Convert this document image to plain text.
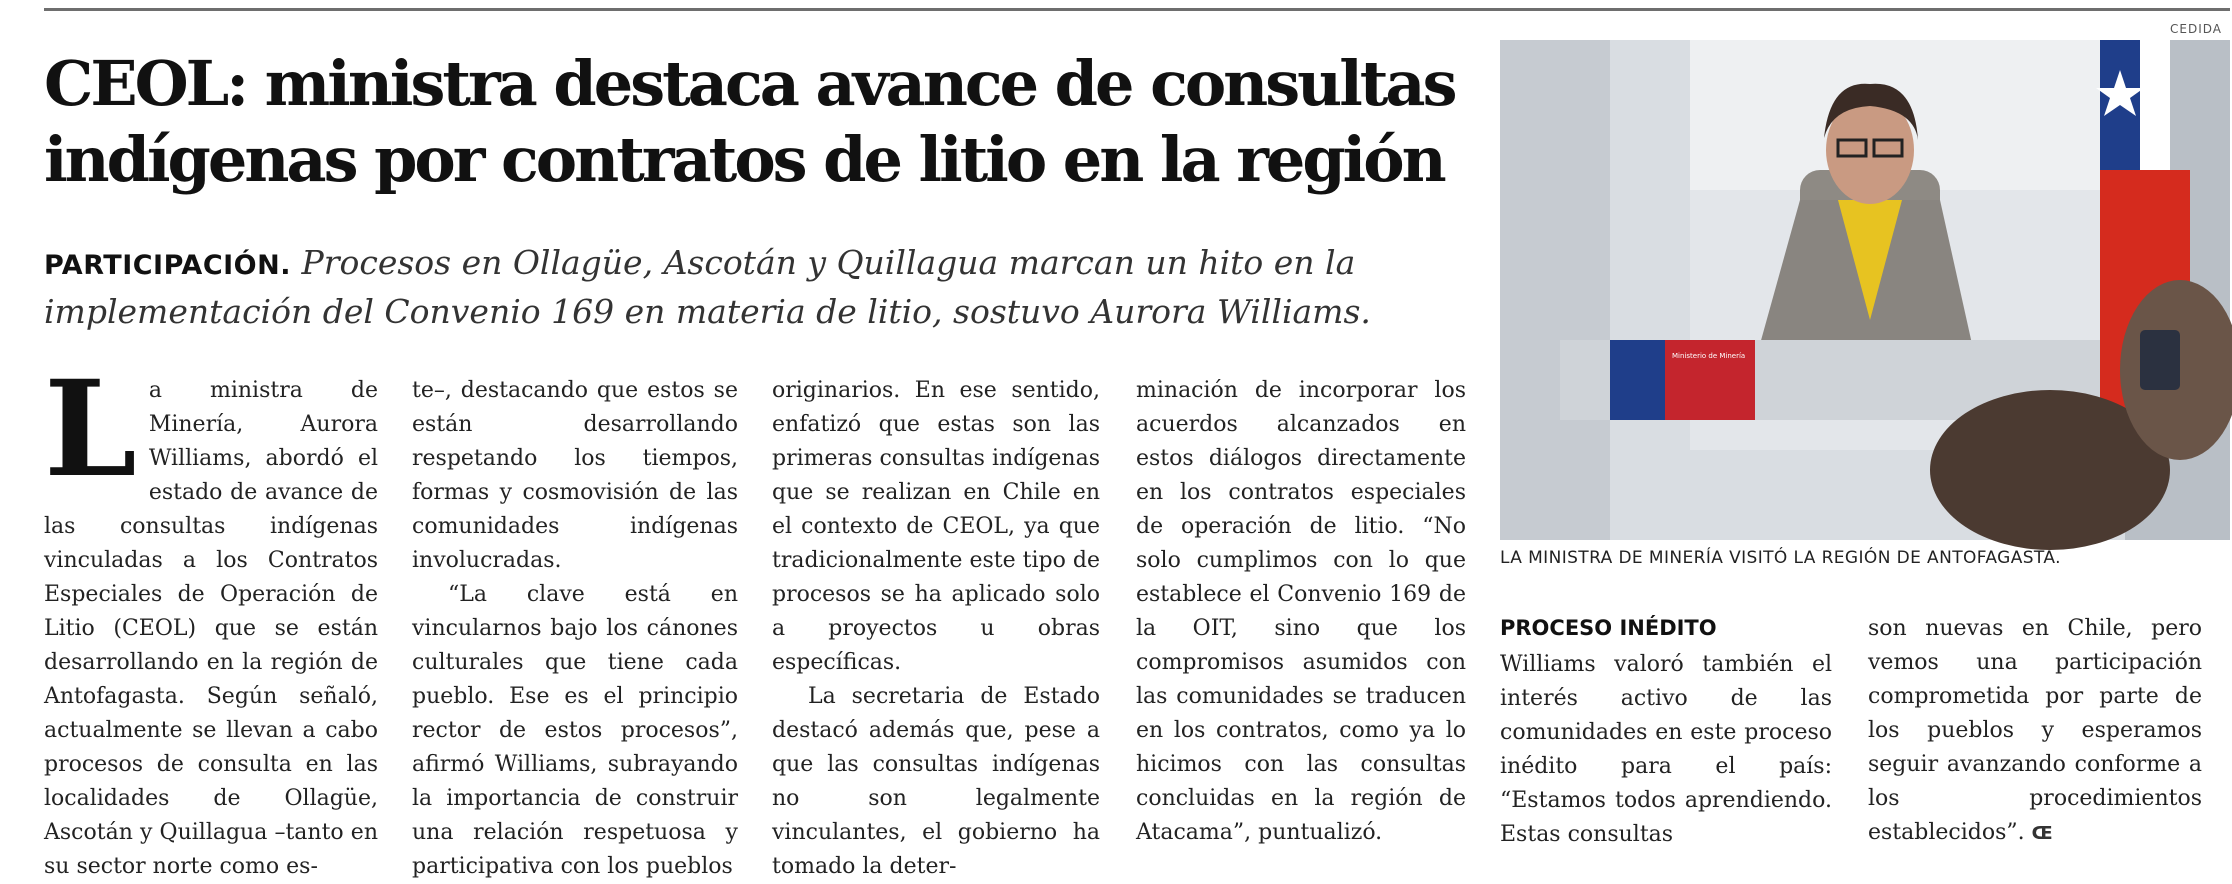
CEOL: ministra destaca avance de consultas
indígenas por contratos de litio en la región

PARTICIPACIÓN. Procesos en Ollagüe, Ascotán y Quillagua marcan un hito en la implementación del Convenio 169 en materia de litio, sostuvo Aurora Williams.

La ministra de Minería, Aurora Williams, abordó el estado de avance de las consultas indígenas vinculadas a los Contratos Especiales de Operación de Litio (CEOL) que se están desarrollando en la región de Antofagasta. Según señaló, actualmente se llevan a cabo procesos de consulta en las localidades de Ollagüe, Ascotán y Quillagua –tanto en su sector norte como es-

te–, destacando que estos se están desarrollando respetando los tiempos, formas y cosmovisión de las comunidades indígenas involucradas.

“La clave está en vincularnos bajo los cánones culturales que tiene cada pueblo. Ese es el principio rector de estos procesos”, afirmó Williams, subrayando la importancia de construir una relación respetuosa y participativa con los pueblos

originarios. En ese sentido, enfatizó que estas son las primeras consultas indígenas que se realizan en Chile en el contexto de CEOL, ya que tradicionalmente este tipo de procesos se ha aplicado solo a proyectos u obras específicas.

La secretaria de Estado destacó además que, pese a que las consultas indígenas no son legalmente vinculantes, el gobierno ha tomado la deter-

minación de incorporar los acuerdos alcanzados en estos diálogos directamente en los contratos especiales de operación de litio. “No solo cumplimos con lo que establece el Convenio 169 de la OIT, sino que los compromisos asumidos con las comunidades se traducen en los contratos, como ya lo hicimos con las consultas concluidas en la región de Atacama”, puntualizó.

CEDIDA
Ministerio de Minería
LA MINISTRA DE MINERÍA VISITÓ LA REGIÓN DE ANTOFAGASTA.
PROCESO INÉDITO

Williams valoró también el interés activo de las comunidades en este proceso inédito para el país: “Estamos todos aprendiendo. Estas consultas

son nuevas en Chile, pero vemos una participación comprometida por parte de los pueblos y esperamos seguir avanzando conforme a los procedimientos establecidos”. Œ
